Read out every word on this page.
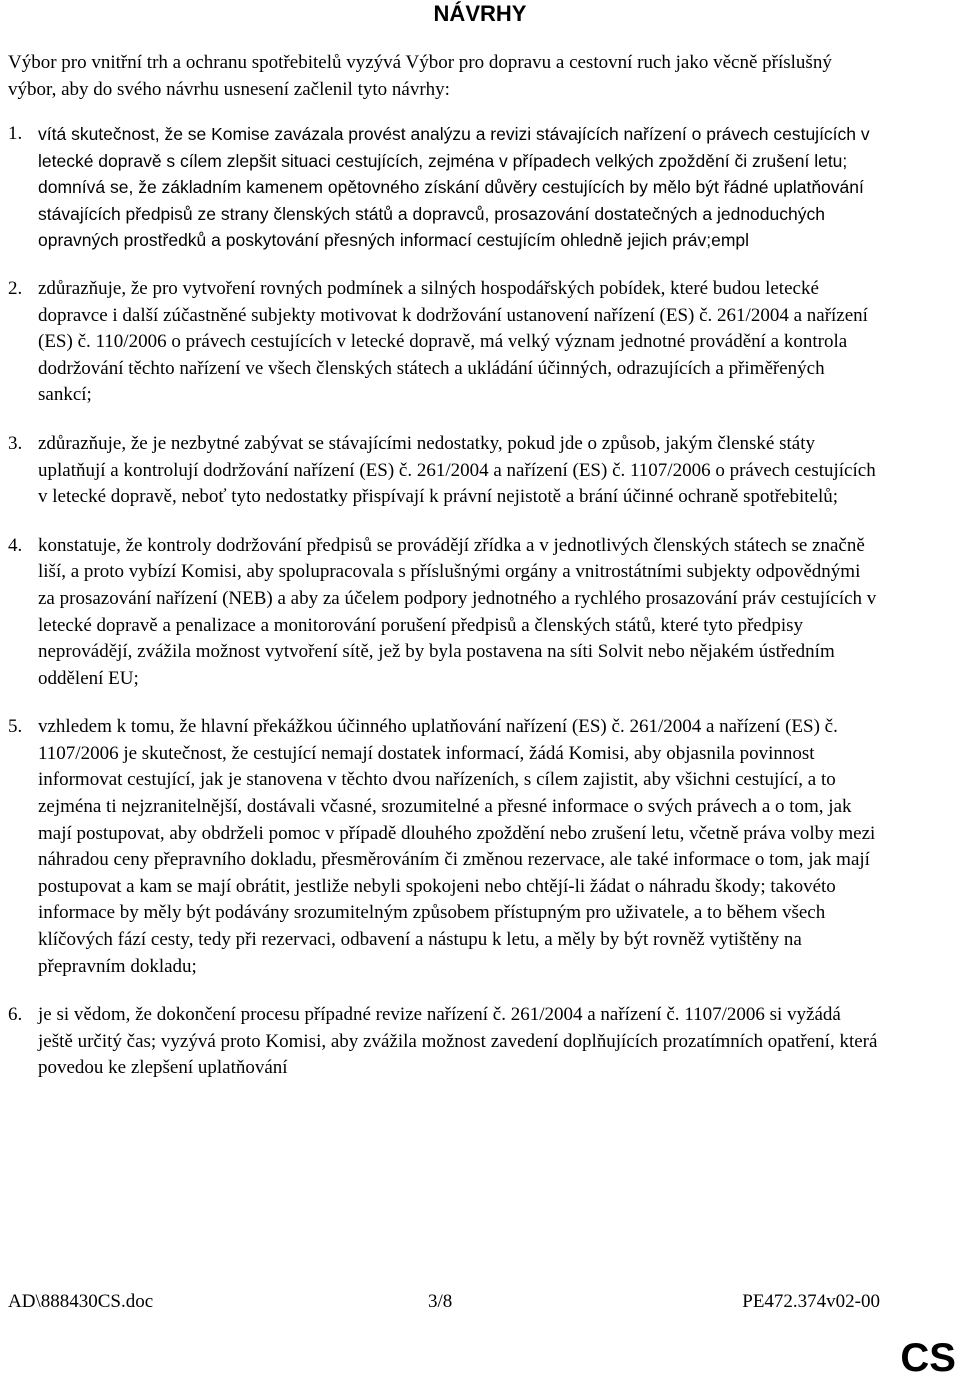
NÁVRHY
Výbor pro vnitřní trh a ochranu spotřebitelů vyzývá Výbor pro dopravu a cestovní ruch jako věcně příslušný výbor, aby do svého návrhu usnesení začlenil tyto návrhy:
1. vítá skutečnost, že se Komise zavázala provést analýzu a revizi stávajících nařízení o právech cestujících v letecké dopravě s cílem zlepšit situaci cestujících, zejména v případech velkých zpoždění či zrušení letu; domnívá se, že základním kamenem opětovného získání důvěry cestujících by mělo být řádné uplatňování stávajících předpisů ze strany členských států a dopravců, prosazování dostatečných a jednoduchých opravných prostředků a poskytování přesných informací cestujícím ohledně jejich práv;empl
2. zdůrazňuje, že pro vytvoření rovných podmínek a silných hospodářských pobídek, které budou letecké dopravce i další zúčastněné subjekty motivovat k dodržování ustanovení nařízení (ES) č. 261/2004 a nařízení (ES) č. 110/2006 o právech cestujících v letecké dopravě, má velký význam jednotné provádění a kontrola dodržování těchto nařízení ve všech členských státech a ukládání účinných, odrazujících a přiměřených sankcí;
3. zdůrazňuje, že je nezbytné zabývat se stávajícími nedostatky, pokud jde o způsob, jakým členské státy uplatňují a kontrolují dodržování nařízení (ES) č. 261/2004 a nařízení (ES) č. 1107/2006 o právech cestujících v letecké dopravě, neboť tyto nedostatky přispívají k právní nejistotě a brání účinné ochraně spotřebitelů;
4. konstatuje, že kontroly dodržování předpisů se provádějí zřídka a v jednotlivých členských státech se značně liší, a proto vybízí Komisi, aby spolupracovala s příslušnými orgány a vnitrostátními subjekty odpovědnými za prosazování nařízení (NEB) a aby za účelem podpory jednotného a rychlého prosazování práv cestujících v letecké dopravě a penalizace a monitorování porušení předpisů a členských států, které tyto předpisy neprovádějí, zvážila možnost vytvoření sítě, jež by byla postavena na síti Solvit nebo nějakém ústředním oddělení EU;
5. vzhledem k tomu, že hlavní překážkou účinného uplatňování nařízení (ES) č. 261/2004 a nařízení (ES) č. 1107/2006 je skutečnost, že cestující nemají dostatek informací, žádá Komisi, aby objasnila povinnost informovat cestující, jak je stanovena v těchto dvou nařízeních, s cílem zajistit, aby všichni cestující, a to zejména ti nejzranitelnější, dostávali včasné, srozumitelné a přesné informace o svých právech a o tom, jak mají postupovat, aby obdrželi pomoc v případě dlouhého zpoždění nebo zrušení letu, včetně práva volby mezi náhradou ceny přepravního dokladu, přesměrováním či změnou rezervace, ale také informace o tom, jak mají postupovat a kam se mají obrátit, jestliže nebyli spokojeni nebo chtějí-li žádat o náhradu škody; takovéto informace by měly být podávány srozumitelným způsobem přístupným pro uživatele, a to během všech klíčových fází cesty, tedy při rezervaci, odbavení a nástupu k letu, a měly by být rovněž vytištěny na přepravním dokladu;
6. je si vědom, že dokončení procesu případné revize nařízení č. 261/2004 a nařízení č. 1107/2006 si vyžádá ještě určitý čas; vyzývá proto Komisi, aby zvážila možnost zavedení doplňujících prozatímních opatření, která povedou ke zlepšení uplatňování
AD\888430CS.doc	3/8	PE472.374v02-00
CS
